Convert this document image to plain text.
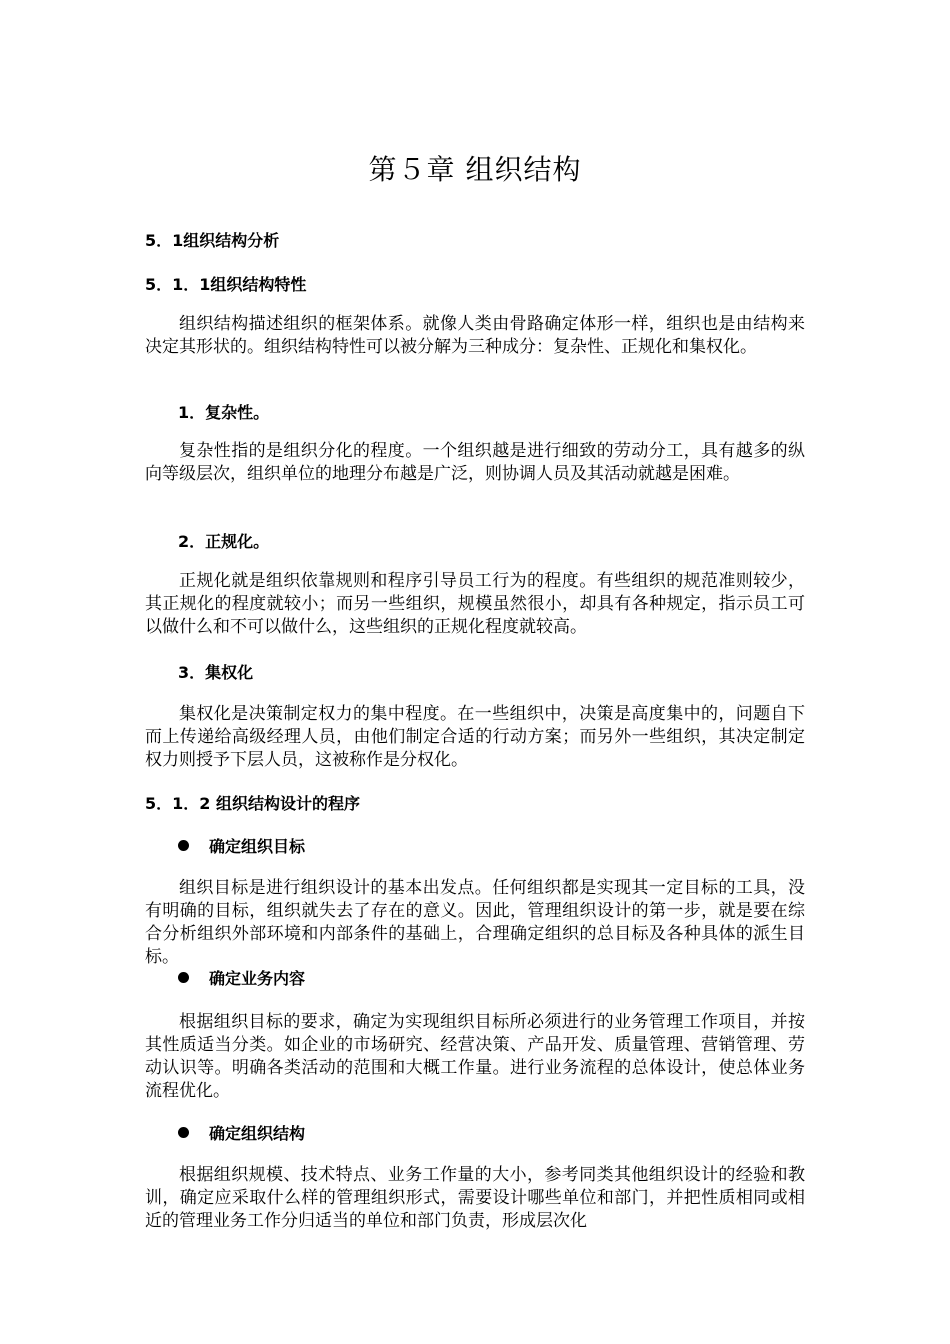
第５章 组织结构
5．1组织结构分析
5．1．1组织结构特性

组织结构描述组织的框架体系。就像人类由骨路确定体形一样，组织也是由结构来决定其形状的。组织结构特性可以被分解为三种成分：复杂性、正规化和集权化。

1．复杂性。

复杂性指的是组织分化的程度。一个组织越是进行细致的劳动分工，具有越多的纵向等级层次，组织单位的地理分布越是广泛，则协调人员及其活动就越是困难。

2．正规化。

正规化就是组织依靠规则和程序引导员工行为的程度。有些组织的规范准则较少，其正规化的程度就较小；而另一些组织，规模虽然很小，却具有各种规定，指示员工可以做什么和不可以做什么，这些组织的正规化程度就较高。

3．集权化

集权化是决策制定权力的集中程度。在一些组织中，决策是高度集中的，问题自下而上传递给高级经理人员，由他们制定合适的行动方案；而另外一些组织，其决定制定权力则授予下层人员，这被称作是分权化。

5．1．2 组织结构设计的程序
确定组织目标

组织目标是进行组织设计的基本出发点。任何组织都是实现其一定目标的工具，没有明确的目标，组织就失去了存在的意义。因此，管理组织设计的第一步，就是要在综合分析组织外部环境和内部条件的基础上，合理确定组织的总目标及各种具体的派生目标。

确定业务内容

根据组织目标的要求，确定为实现组织目标所必须进行的业务管理工作项目，并按其性质适当分类。如企业的市场研究、经营决策、产品开发、质量管理、营销管理、劳动认识等。明确各类活动的范围和大概工作量。进行业务流程的总体设计，使总体业务流程优化。

确定组织结构

根据组织规模、技术特点、业务工作量的大小，参考同类其他组织设计的经验和教训，确定应采取什么样的管理组织形式，需要设计哪些单位和部门，并把性质相同或相近的管理业务工作分归适当的单位和部门负责，形成层次化
